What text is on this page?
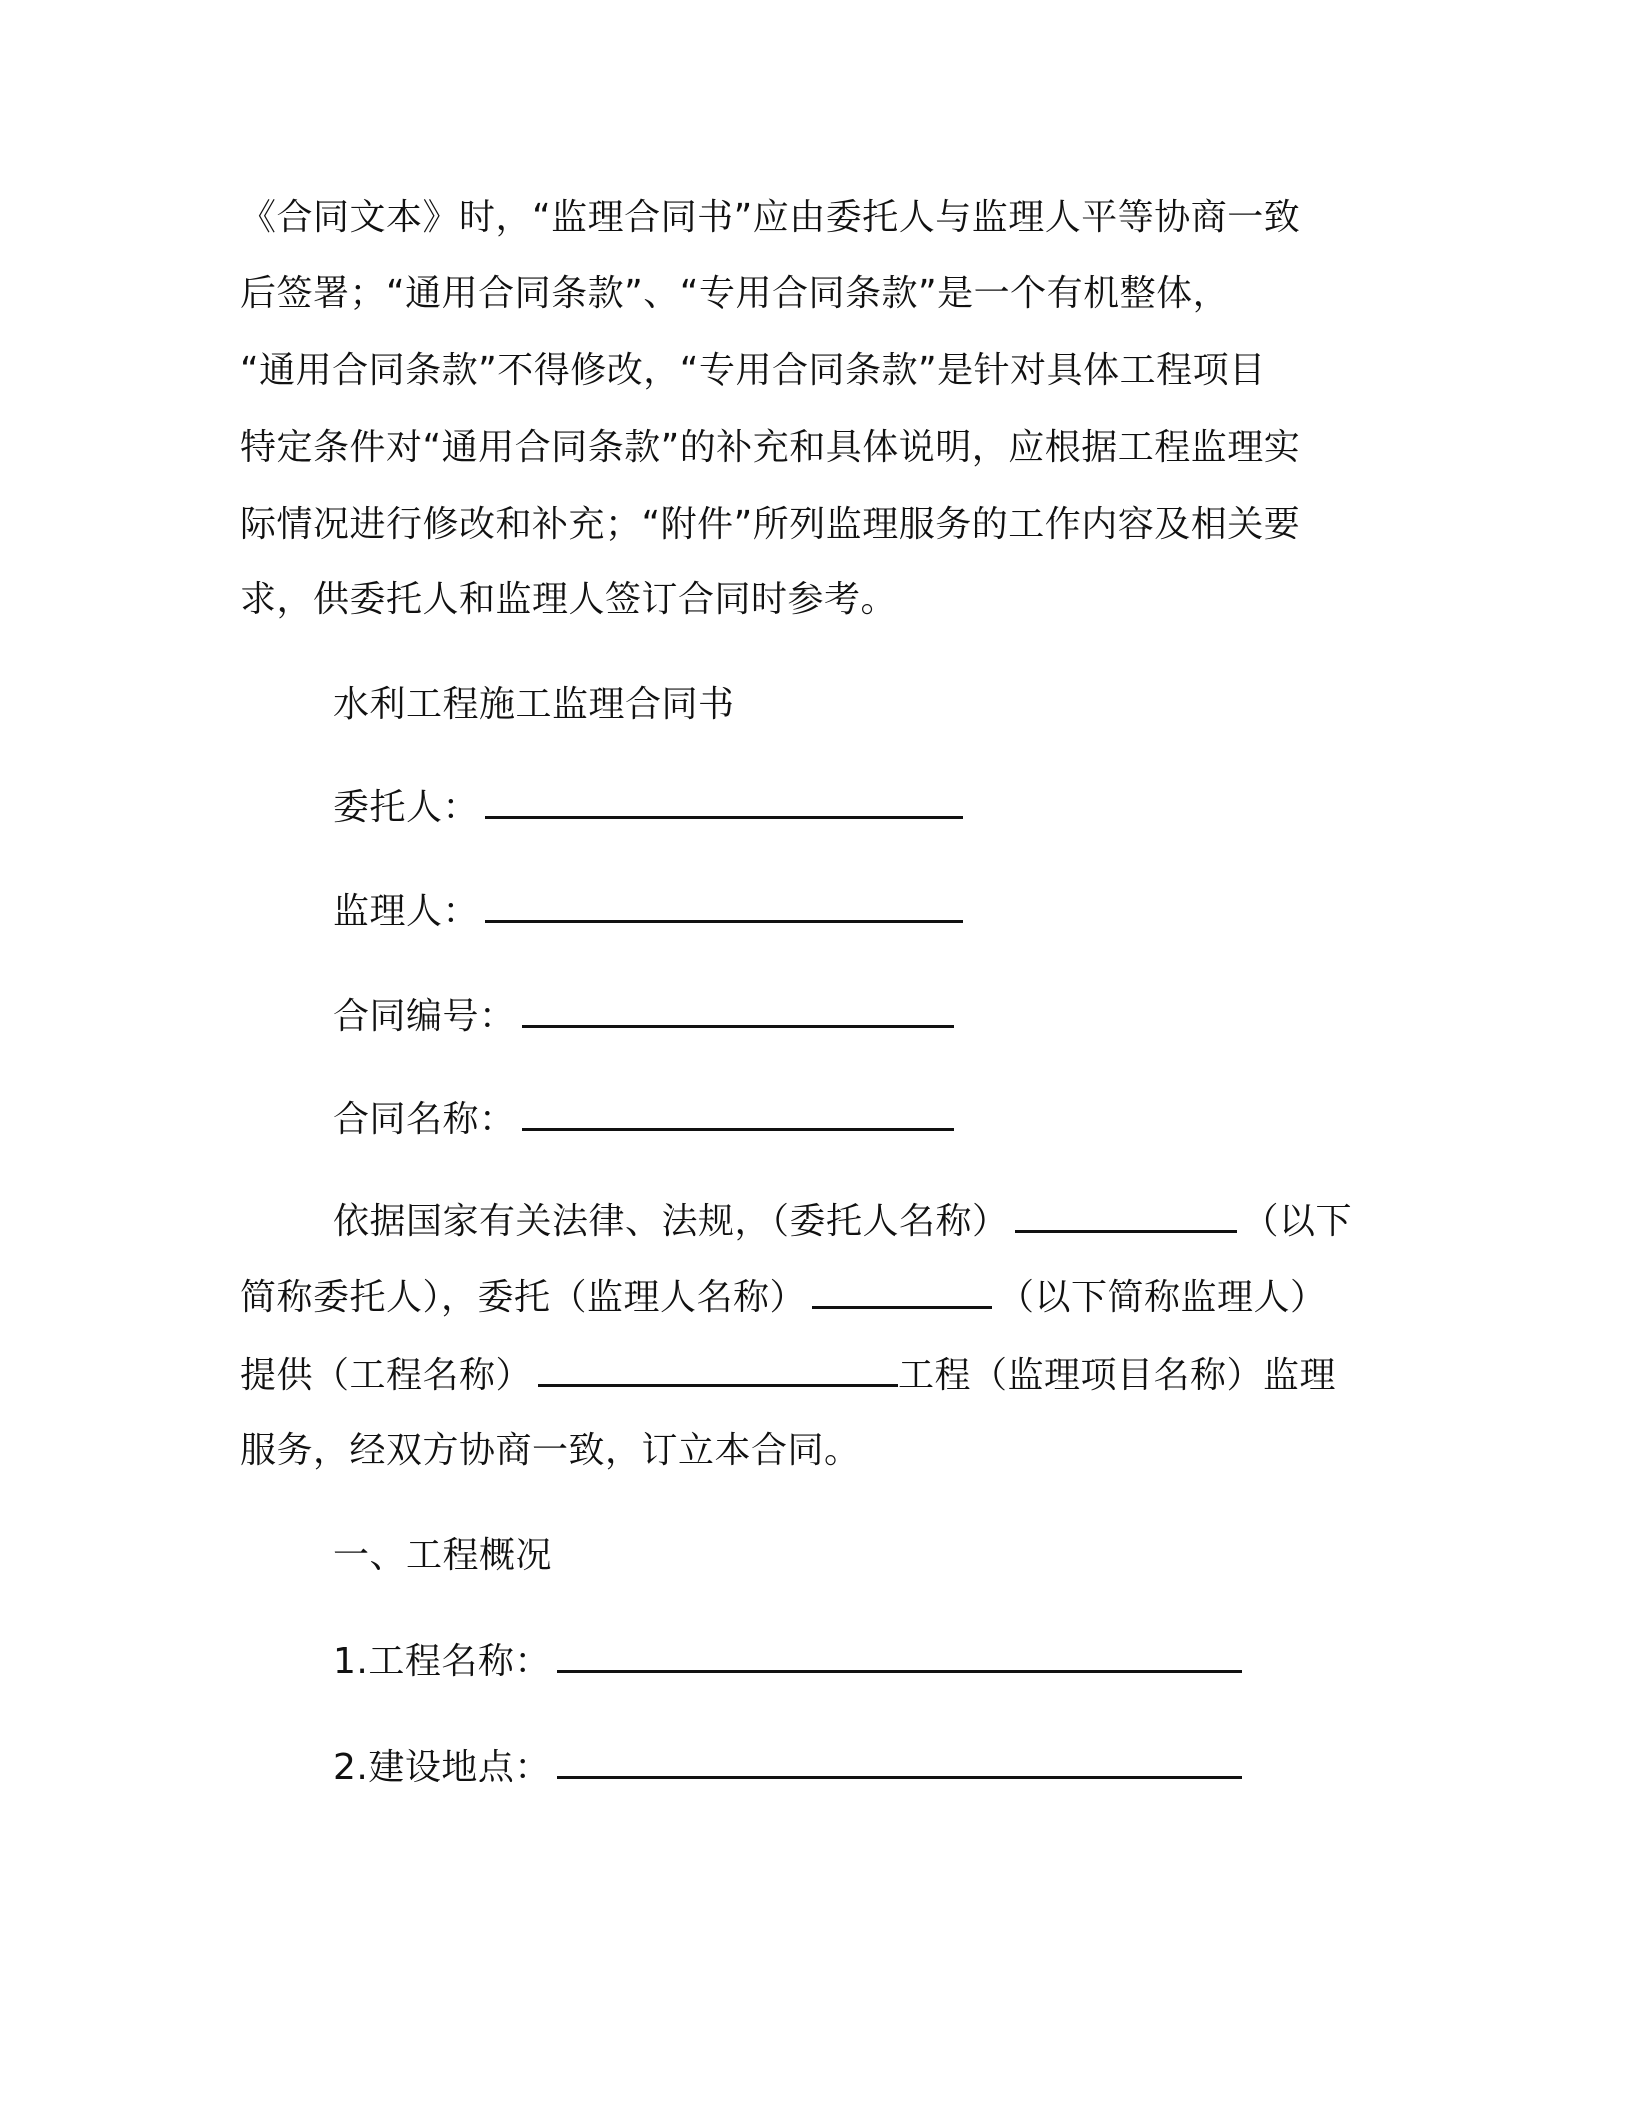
《合同文本》时，“监理合同书”应由委托人与监理人平等协商一致
后签署；“通用合同条款”、“专用合同条款”是一个有机整体，
“通用合同条款”不得修改，“专用合同条款”是针对具体工程项目
特定条件对“通用合同条款”的补充和具体说明，应根据工程监理实
际情况进行修改和补充；“附件”所列监理服务的工作内容及相关要
求，供委托人和监理人签订合同时参考。
水利工程施工监理合同书
委托人：
监理人：
合同编号：
合同名称：
依据国家有关法律、法规，（委托人名称）	（以下
简称委托人），委托（监理人名称）	（以下简称监理人）
提供（工程名称）	工程（监理项目名称）监理
服务，经双方协商一致，订立本合同。
一、工程概况
1.工程名称：
2.建设地点：
